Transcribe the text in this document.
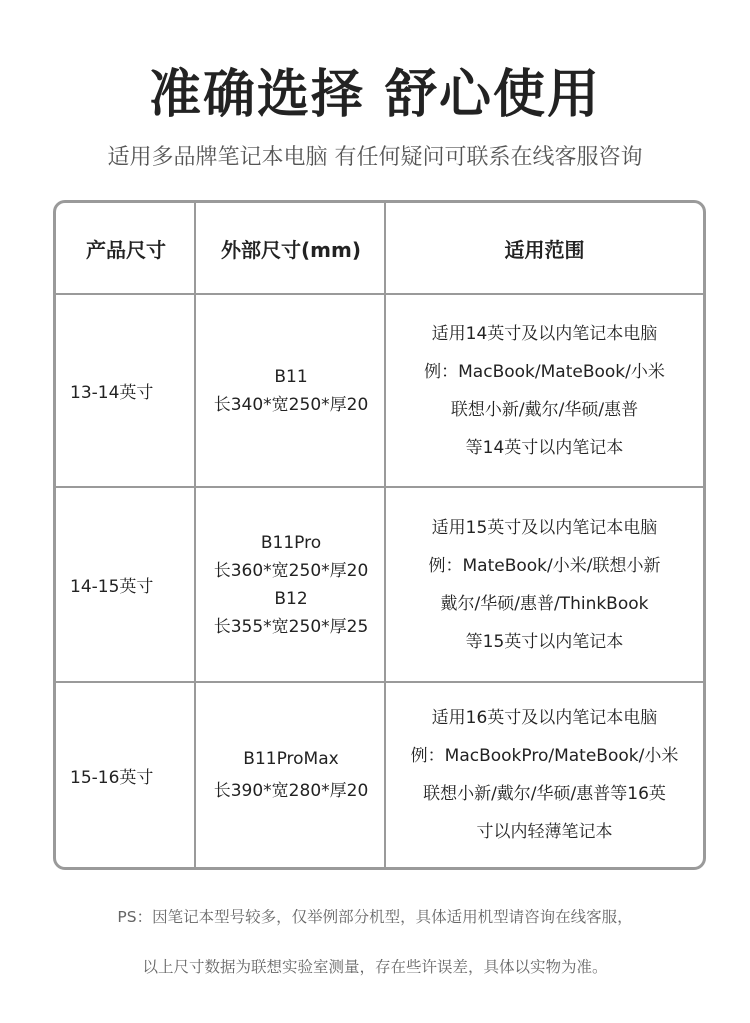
准确选择 舒心使用
适用多品牌笔记本电脑 有任何疑问可联系在线客服咨询
产品尺寸	外部尺寸(mm)	适用范围
13-14英寸
B11
长340*宽250*厚20
适用14英寸及以内笔记本电脑
例：MacBook/MateBook/小米
联想小新/戴尔/华硕/惠普
等14英寸以内笔记本
14-15英寸
B11Pro
长360*宽250*厚20
B12
长355*宽250*厚25
适用15英寸及以内笔记本电脑
例：MateBook/小米/联想小新
戴尔/华硕/惠普/ThinkBook
等15英寸以内笔记本
15-16英寸
B11ProMax
长390*宽280*厚20
适用16英寸及以内笔记本电脑
例：MacBookPro/MateBook/小米
联想小新/戴尔/华硕/惠普等16英
寸以内轻薄笔记本
PS：因笔记本型号较多，仅举例部分机型，具体适用机型请咨询在线客服，
以上尺寸数据为联想实验室测量，存在些许误差，具体以实物为准。
